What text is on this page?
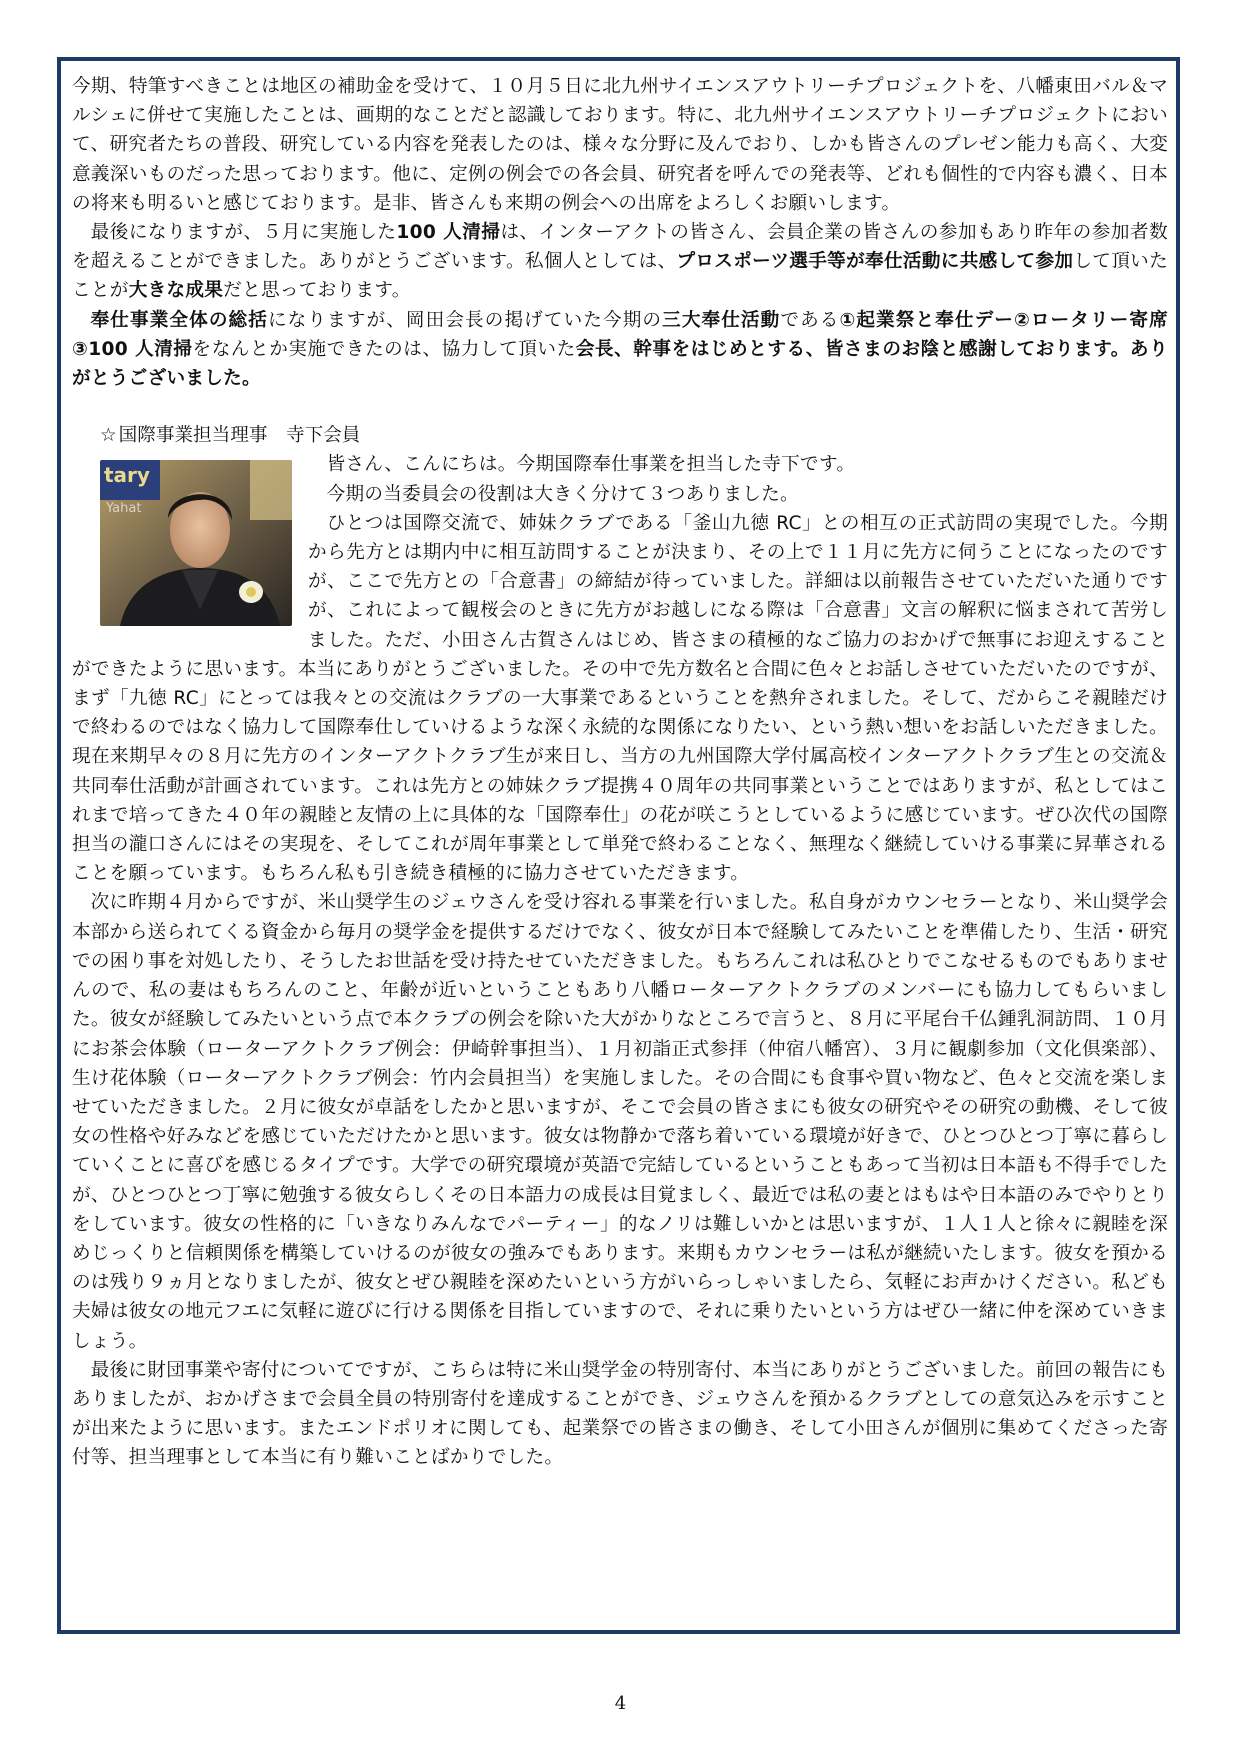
今期、特筆すべきことは地区の補助金を受けて、１０月５日に北九州サイエンスアウトリーチプロジェクトを、八幡東田バル＆マルシェに併せて実施したことは、画期的なことだと認識しております。特に、北九州サイエンスアウトリーチプロジェクトにおいて、研究者たちの普段、研究している内容を発表したのは、様々な分野に及んでおり、しかも皆さんのプレゼン能力も高く、大変意義深いものだった思っております。他に、定例の例会での各会員、研究者を呼んでの発表等、どれも個性的で内容も濃く、日本の将来も明るいと感じております。是非、皆さんも来期の例会への出席をよろしくお願いします。

最後になりますが、５月に実施した100 人清掃は、インターアクトの皆さん、会員企業の皆さんの参加もあり昨年の参加者数を超えることができました。ありがとうございます。私個人としては、プロスポーツ選手等が奉仕活動に共感して参加して頂いたことが大きな成果だと思っております。

奉仕事業全体の総括になりますが、岡田会長の掲げていた今期の三大奉仕活動である①起業祭と奉仕デー②ロータリー寄席③100 人清掃をなんとか実施できたのは、協力して頂いた会長、幹事をはじめとする、皆さまのお陰と感謝しております。ありがとうございました。

☆ 国際事業担当理事　寺下会員
tary
Yahat

皆さん、こんにちは。今期国際奉仕事業を担当した寺下です。

今期の当委員会の役割は大きく分けて３つありました。

ひとつは国際交流で、姉妹クラブである「釜山九徳 RC」との相互の正式訪問の実現でした。今期から先方とは期内中に相互訪問することが決まり、その上で１１月に先方に伺うことになったのですが、ここで先方との「合意書」の締結が待っていました。詳細は以前報告させていただいた通りですが、これによって観桜会のときに先方がお越しになる際は「合意書」文言の解釈に悩まされて苦労しました。ただ、小田さん古賀さんはじめ、皆さまの積極的なご協力のおかげで無事にお迎えすることができたように思います。本当にありがとうございました。その中で先方数名と合間に色々とお話しさせていただいたのですが、まず「九徳 RC」にとっては我々との交流はクラブの一大事業であるということを熱弁されました。そして、だからこそ親睦だけで終わるのではなく協力して国際奉仕していけるような深く永続的な関係になりたい、という熱い想いをお話しいただきました。現在来期早々の８月に先方のインターアクトクラブ生が来日し、当方の九州国際大学付属高校インターアクトクラブ生との交流＆共同奉仕活動が計画されています。これは先方との姉妹クラブ提携４０周年の共同事業ということではありますが、私としてはこれまで培ってきた４０年の親睦と友情の上に具体的な「国際奉仕」の花が咲こうとしているように感じています。ぜひ次代の国際担当の瀧口さんにはその実現を、そしてこれが周年事業として単発で終わることなく、無理なく継続していける事業に昇華されることを願っています。もちろん私も引き続き積極的に協力させていただきます。

次に昨期４月からですが、米山奨学生のジェウさんを受け容れる事業を行いました。私自身がカウンセラーとなり、米山奨学会本部から送られてくる資金から毎月の奨学金を提供するだけでなく、彼女が日本で経験してみたいことを準備したり、生活・研究での困り事を対処したり、そうしたお世話を受け持たせていただきました。もちろんこれは私ひとりでこなせるものでもありませんので、私の妻はもちろんのこと、年齢が近いということもあり八幡ローターアクトクラブのメンバーにも協力してもらいました。彼女が経験してみたいという点で本クラブの例会を除いた大がかりなところで言うと、８月に平尾台千仏鍾乳洞訪問、１０月にお茶会体験（ローターアクトクラブ例会：伊崎幹事担当）、１月初詣正式参拝（仲宿八幡宮）、３月に観劇参加（文化倶楽部）、生け花体験（ローターアクトクラブ例会：竹内会員担当）を実施しました。その合間にも食事や買い物など、色々と交流を楽しませていただきました。２月に彼女が卓話をしたかと思いますが、そこで会員の皆さまにも彼女の研究やその研究の動機、そして彼女の性格や好みなどを感じていただけたかと思います。彼女は物静かで落ち着いている環境が好きで、ひとつひとつ丁寧に暮らしていくことに喜びを感じるタイプです。大学での研究環境が英語で完結しているということもあって当初は日本語も不得手でしたが、ひとつひとつ丁寧に勉強する彼女らしくその日本語力の成長は目覚ましく、最近では私の妻とはもはや日本語のみでやりとりをしています。彼女の性格的に「いきなりみんなでパーティー」的なノリは難しいかとは思いますが、１人１人と徐々に親睦を深めじっくりと信頼関係を構築していけるのが彼女の強みでもあります。来期もカウンセラーは私が継続いたします。彼女を預かるのは残り９ヵ月となりましたが、彼女とぜひ親睦を深めたいという方がいらっしゃいましたら、気軽にお声かけください。私ども夫婦は彼女の地元フエに気軽に遊びに行ける関係を目指していますので、それに乗りたいという方はぜひ一緒に仲を深めていきましょう。

最後に財団事業や寄付についてですが、こちらは特に米山奨学金の特別寄付、本当にありがとうございました。前回の報告にもありましたが、おかげさまで会員全員の特別寄付を達成することができ、ジェウさんを預かるクラブとしての意気込みを示すことが出来たように思います。またエンドポリオに関しても、起業祭での皆さまの働き、そして小田さんが個別に集めてくださった寄付等、担当理事として本当に有り難いことばかりでした。

4
